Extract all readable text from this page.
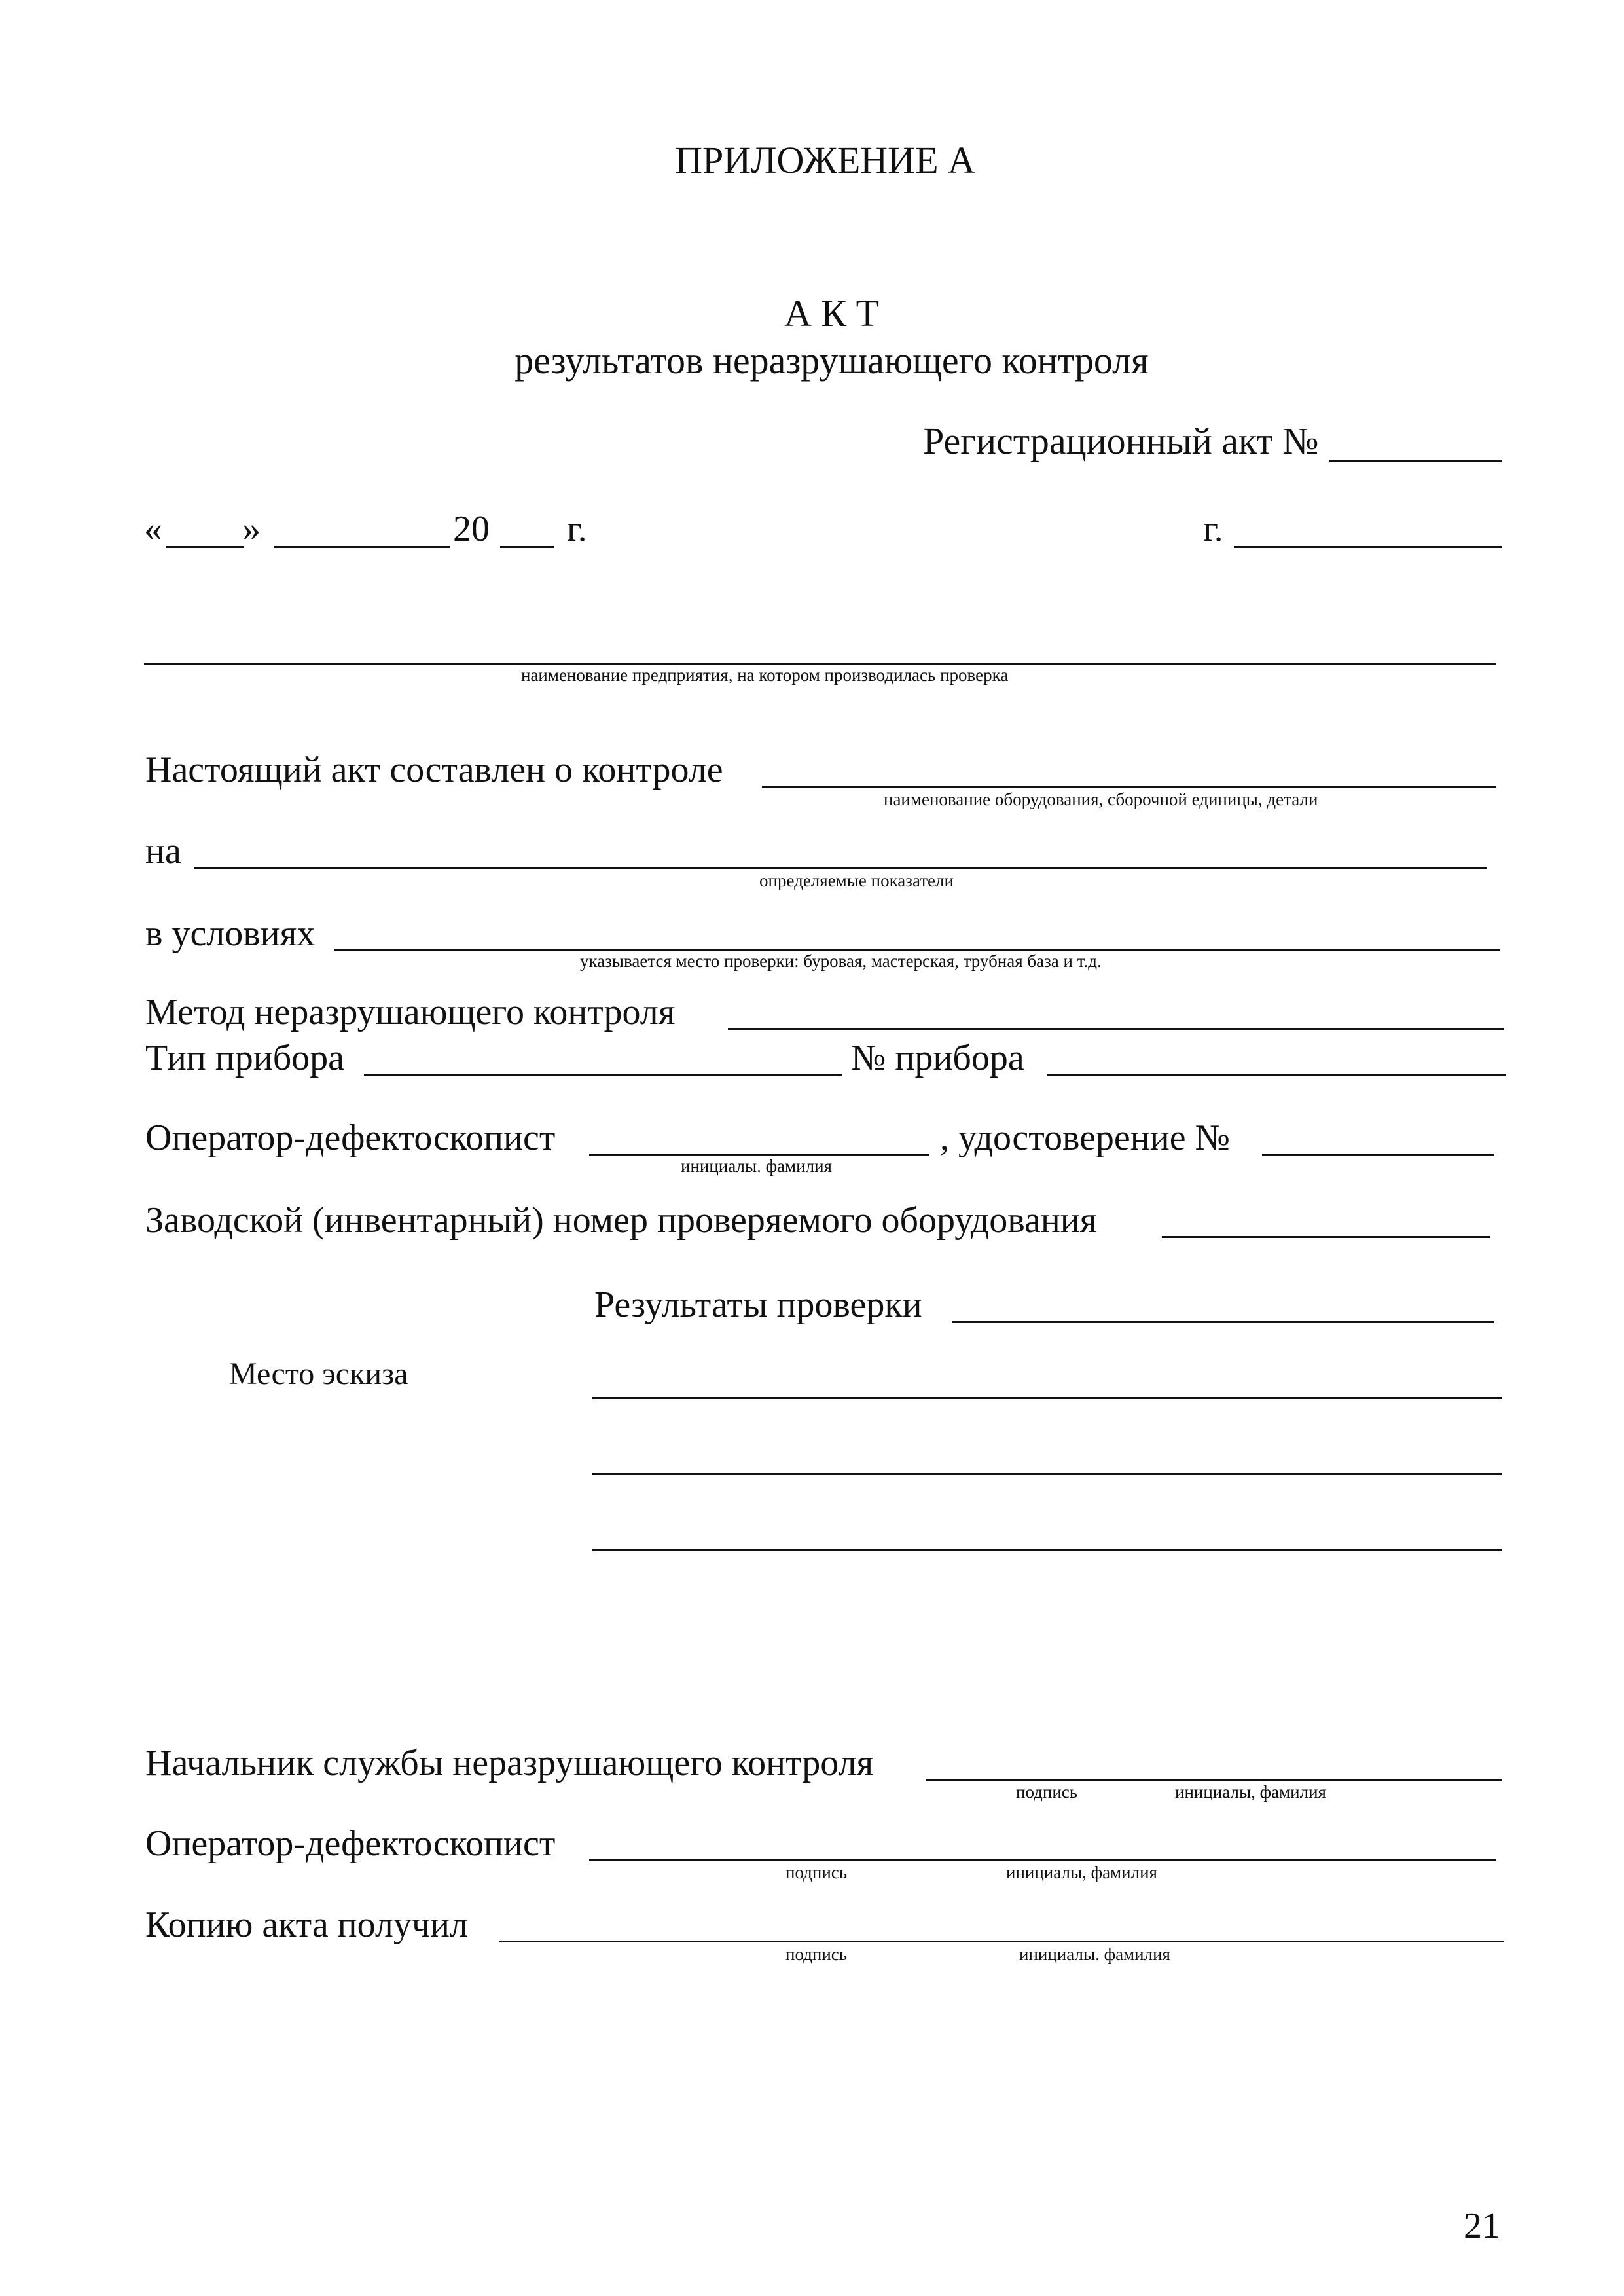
ПРИЛОЖЕНИЕ А
А К Т
результатов неразрушающего контроля
Регистрационный акт №
« »	20 г.	г.
наименование предприятия, на котором производилась проверка
Настоящий акт составлен о контроле
наименование оборудования, сборочной единицы, детали
на
определяемые показатели
в условиях
указывается место проверки: буровая, мастерская, трубная база и т.д.
Метод неразрушающего контроля
Тип прибора	№ прибора
Оператор-дефектоскопист
инициалы. фамилия
, удостоверение №
Заводской (инвентарный) номер проверяемого оборудования
Результаты проверки
Место эскиза
Начальник службы неразрушающего контроля
подпись	инициалы, фамилия
Оператор-дефектоскопист
подпись	инициалы, фамилия
Копию акта получил
подпись	инициалы. фамилия
21
